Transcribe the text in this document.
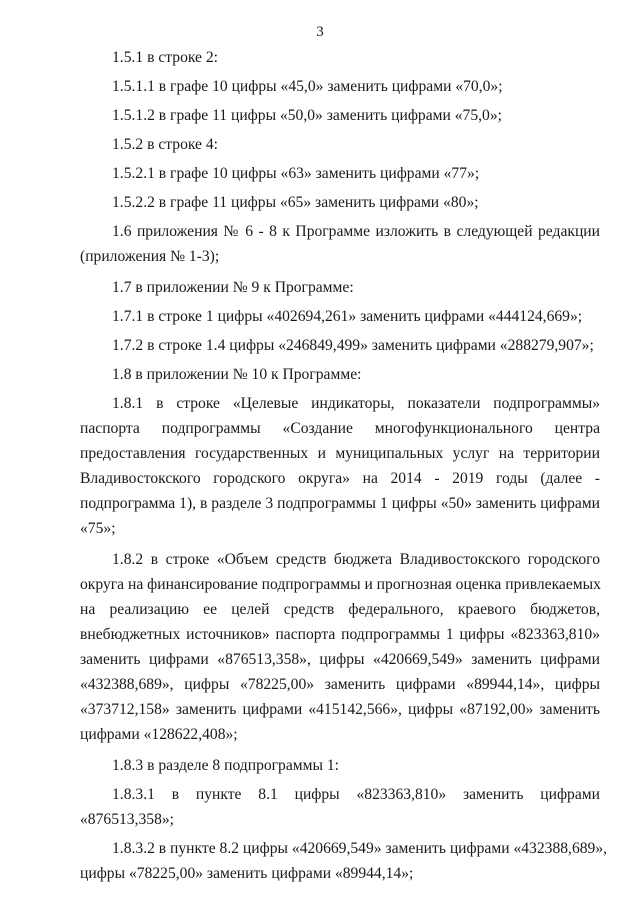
3

1.5.1 в строке 2:

1.5.1.1 в графе 10 цифры «45,0» заменить цифрами «70,0»;

1.5.1.2 в графе 11 цифры «50,0» заменить цифрами «75,0»;

1.5.2 в строке 4:

1.5.2.1 в графе 10 цифры «63» заменить цифрами «77»;

1.5.2.2 в графе 11 цифры «65» заменить цифрами «80»;

1.6 приложения № 6 - 8 к Программе изложить в следующей редакции
(приложения № 1-3);

1.7 в приложении № 9 к Программе:

1.7.1 в строке 1 цифры «402694,261» заменить цифрами «444124,669»;

1.7.2 в строке 1.4 цифры «246849,499» заменить цифрами «288279,907»;

1.8 в приложении № 10 к Программе:

1.8.1 в строке «Целевые индикаторы, показатели подпрограммы»
паспорта подпрограммы «Создание многофункционального центра
предоставления государственных и муниципальных услуг на территории
Владивостокского городского округа» на 2014 - 2019 годы (далее -
подпрограмма 1), в разделе 3 подпрограммы 1 цифры «50» заменить цифрами
«75»;
1.8.2 в строке «Объем средств бюджета Владивостокского городского
округа на финансирование подпрограммы и прогнозная оценка привлекаемых
на реализацию ее целей средств федерального, краевого бюджетов,
внебюджетных источников» паспорта подпрограммы 1 цифры «823363,810»
заменить цифрами «876513,358», цифры «420669,549» заменить цифрами
«432388,689», цифры «78225,00» заменить цифрами «89944,14», цифры
«373712,158» заменить цифрами «415142,566», цифры «87192,00» заменить
цифрами «128622,408»;

1.8.3 в разделе 8 подпрограммы 1:

1.8.3.1 в пункте 8.1 цифры «823363,810» заменить цифрами «876513,358»;

1.8.3.2 в пункте 8.2 цифры «420669,549» заменить цифрами «432388,689»,
цифры «78225,00» заменить цифрами «89944,14»;
